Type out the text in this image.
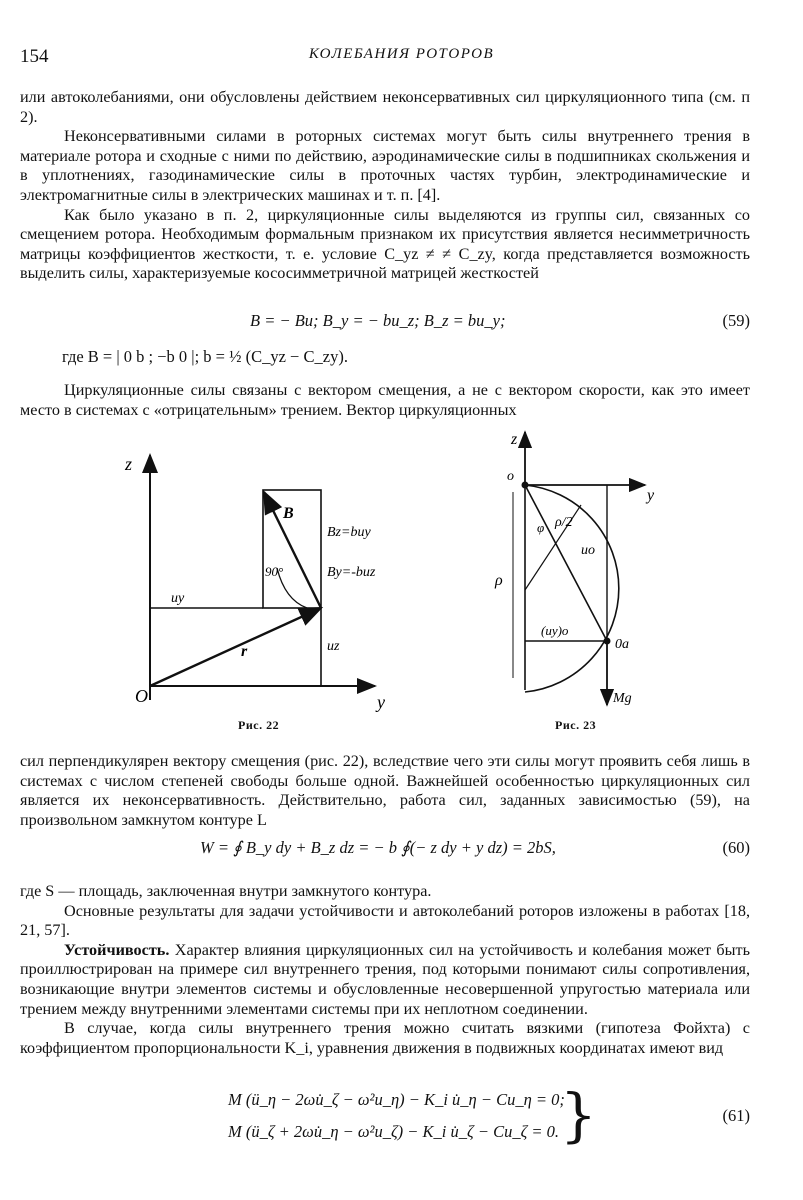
154	КОЛЕБАНИЯ РОТОРОВ

или автоколебаниями, они обусловлены действием неконсервативных сил циркуляционного типа (см. п 2).

Неконсервативными силами в роторных системах могут быть силы внутреннего трения в материале ротора и сходные с ними по действию, аэродинамические силы в подшипниках скольжения и в уплотнениях, газодинамические силы в проточных частях турбин, электродинамические и электромагнитные силы в электрических машинах и т. п. [4].

Как было указано в п. 2, циркуляционные силы выделяются из группы сил, связанных со смещением ротора. Необходимым формальным признаком их присутствия является несимметричность матрицы коэффициентов жесткости, т. е. условие C_yz ≠ ≠ C_zy, когда представляется возможность выделить силы, характеризуемые кососимметричной матрицей жесткостей

B = − Bu; B_y = − bu_z; B_z = bu_y;	(59)
где B = | 0 b ; −b 0 |; b = ½ (C_yz − C_zy).

Циркуляционные силы связаны с вектором смещения, а не с вектором скорости, как это имеет место в системах с «отрицательным» трением. Вектор циркуляционных

z
y
O
B
Bz=buy
By=-buz
90°
uy
r	uz
Рис. 22
z
o
y
φ ρ/2
uo
ρ
(uy)o
0a
Mg
Рис. 23

сил перпендикулярен вектору смещения (рис. 22), вследствие чего эти силы могут проявить себя лишь в системах с числом степеней свободы больше одной. Важнейшей особенностью циркуляционных сил является их неконсервативность. Действительно, работа сил, заданных зависимостью (59), на произвольном замкнутом контуре L

W = ∮ B_y dy + B_z dz = − b ∮(− z dy + y dz) = 2bS,	(60)

где S — площадь, заключенная внутри замкнутого контура.

Основные результаты для задачи устойчивости и автоколебаний роторов изложены в работах [18, 21, 57].

Устойчивость. Характер влияния циркуляционных сил на устойчивость и колебания может быть проиллюстрирован на примере сил внутреннего трения, под которыми понимают силы сопротивления, возникающие внутри элементов системы и обусловленные несовершенной упругостью материала или трением между внутренними элементами системы при их неплотном соединении.

В случае, когда силы внутреннего трения можно считать вязкими (гипотеза Фойхта) с коэффициентом пропорциональности K_i, уравнения движения в подвижных координатах имеют вид

M (ü_η − 2ωu̇_ζ − ω²u_η) − K_i u̇_η − Cu_η = 0;
M (ü_ζ + 2ωu̇_η − ω²u_ζ) − K_i u̇_ζ − Cu_ζ = 0. }	(61)
